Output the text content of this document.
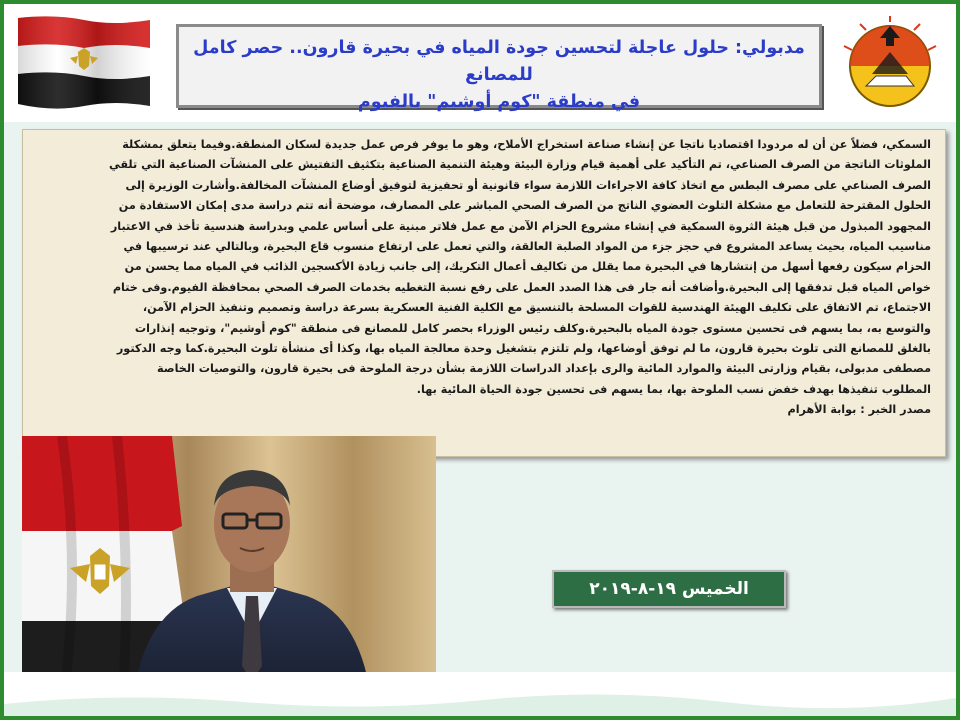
مدبولي: حلول عاجلة لتحسين جودة المياه في بحيرة قارون.. حصر كامل للمصانع
في منطقة "كوم أوشيم" بالفيوم

السمكي، فضلاً عن أن له مردودا اقتصاديا ناتجا عن إنشاء صناعة استخراج الأملاح، وهو ما يوفر فرص عمل جديدة لسكان المنطقة.وفيما يتعلق بمشكلة

الملوثات الناتجة من الصرف الصناعي، تم التأكيد على أهمية قيام وزارة البيئة وهيئة التنمية الصناعية بتكثيف التفتيش على المنشآت الصناعية التي تلقي

الصرف الصناعي على مصرف البطس مع اتخاذ كافة الاجراءات اللازمة سواء قانونية أو تحفيزية لتوفيق أوضاع المنشآت المخالفة.وأشارت الوزيرة إلى

الحلول المقترحة للتعامل مع مشكلة التلوث العضوي الناتج من الصرف الصحي المباشر على المصارف، موضحة أنه تتم دراسة مدى إمكان الاستفادة من

المجهود المبذول من قبل هيئة الثروة السمكية في إنشاء مشروع الحزام الآمن مع عمل فلاتر مبنية على أساس علمي وبدراسة هندسية تأخذ في الاعتبار

مناسيب المياه، بحيث يساعد المشروع في حجز جزء من المواد الصلبة العالقة، والتي تعمل على ارتفاع منسوب قاع البحيرة، وبالتالي عند ترسيبها في

الحزام سيكون رفعها أسهل من إنتشارها في البحيرة مما يقلل من تكاليف أعمال التكريك، إلى جانب زيادة الأكسجين الذائب في المياه مما يحسن من

خواص المياه قبل تدفقها إلى البحيرة.وأضافت أنه جار فى هذا الصدد العمل على رفع نسبة التغطيه بخدمات الصرف الصحي بمحافظة الفيوم.وفى ختام

الاجتماع، تم الاتفاق على تكليف الهيئة الهندسية للقوات المسلحة بالتنسيق مع الكلية الفنية العسكرية بسرعة دراسة وتصميم وتنفيذ الحزام الآمن،

والتوسع به، بما يسهم فى تحسين مستوى جودة المياه بالبحيرة.وكلف رئيس الوزراء بحصر كامل للمصانع فى منطقة "كوم أوشيم"، وتوجيه إنذارات

بالغلق للمصانع التى تلوث بحيرة قارون، ما لم توفق أوضاعها، ولم تلتزم بتشغيل وحدة معالجة المياه بها، وكذا أى منشأة تلوث البحيرة.كما وجه الدكتور

مصطفى مدبولى، بقيام وزارتى البيئة والموارد المائية والرى بإعداد الدراسات اللازمة بشأن درجة الملوحة فى بحيرة قارون، والتوصيات الخاصة

المطلوب تنفيذها بهدف خفض نسب الملوحة بها، بما يسهم فى تحسين جودة الحياة المائية بها.

مصدر الخبر : بوابة الأهرام

الخميس ١٩-٨-٢٠١٩
